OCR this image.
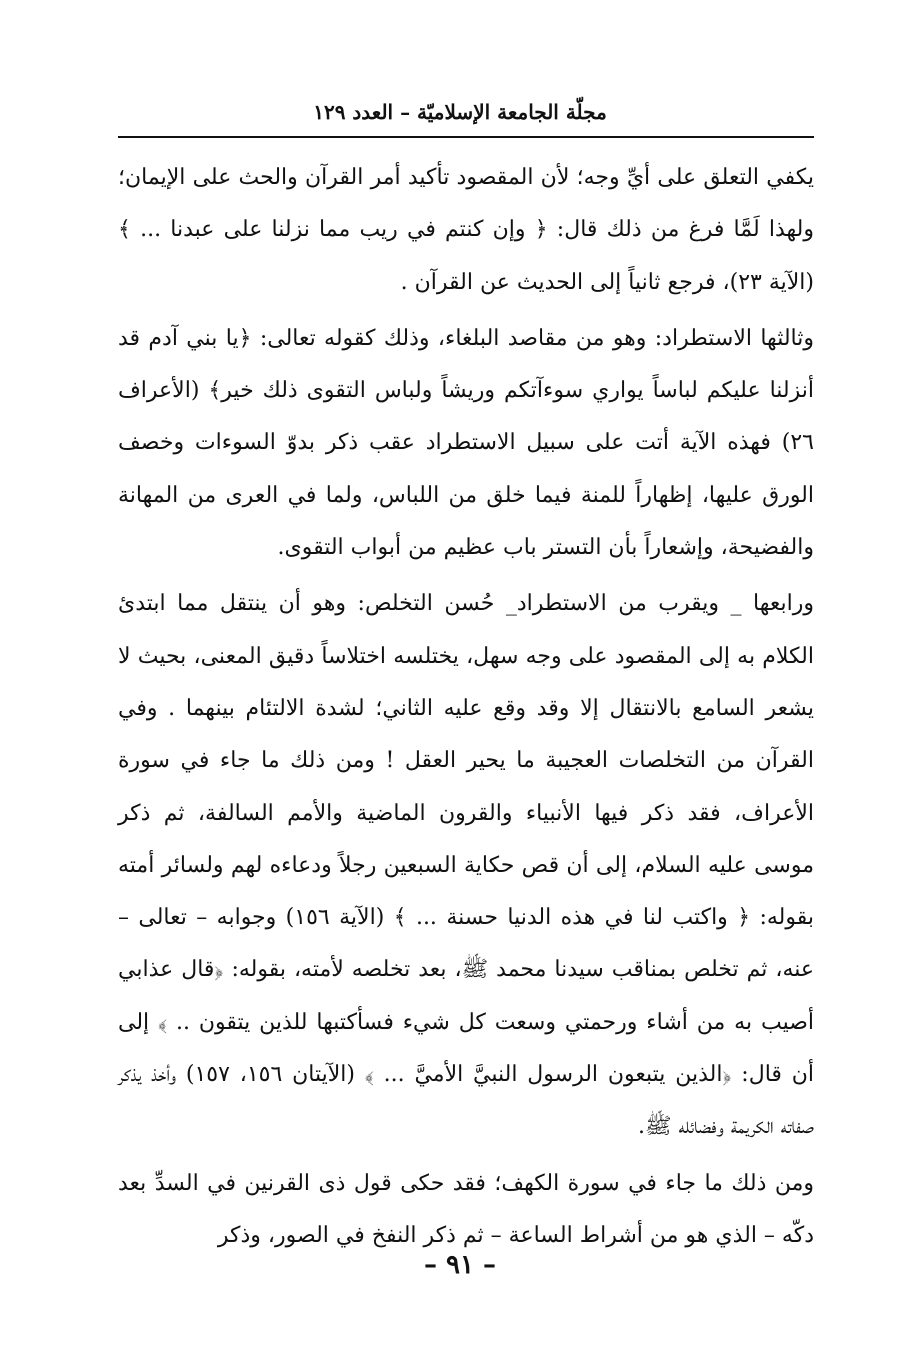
مجلّة الجامعة الإسلاميّة – العدد ١٢٩

يكفي التعلق على أيِّ وجه؛ لأن المقصود تأكيد أمر القرآن والحث على الإيمان؛ ولهذا لَمَّا فرغ من ذلك قال: ﴿ وإن كنتم في ريب مما نزلنا على عبدنا ... ﴾ (الآية ٢٣)، فرجع ثانياً إلى الحديث عن القرآن .

وثالثها الاستطراد: وهو من مقاصد البلغاء، وذلك كقوله تعالى: ﴿يا بني آدم قد أنزلنا عليكم لباساً يواري سوءآتكم وريشاً ولباس التقوى ذلك خير﴾ (الأعراف ٢٦) فهذه الآية أتت على سبيل الاستطراد عقب ذكر بدوّ السوءات وخصف الورق عليها، إظهاراً للمنة فيما خلق من اللباس، ولما في العرى من المهانة والفضيحة، وإشعاراً بأن التستر باب عظيم من أبواب التقوى.

ورابعها _ ويقرب من الاستطراد_ حُسن التخلص: وهو أن ينتقل مما ابتدئ الكلام به إلى المقصود على وجه سهل، يختلسه اختلاساً دقيق المعنى، بحيث لا يشعر السامع بالانتقال إلا وقد وقع عليه الثاني؛ لشدة الالتئام بينهما . وفي القرآن من التخلصات العجيبة ما يحير العقل ! ومن ذلك ما جاء في سورة الأعراف، فقد ذكر فيها الأنبياء والقرون الماضية والأمم السالفة، ثم ذكر موسى عليه السلام، إلى أن قص حكاية السبعين رجلاً ودعاءه لهم ولسائر أمته بقوله: ﴿ واكتب لنا في هذه الدنيا حسنة ... ﴾ (الآية ١٥٦) وجوابه – تعالى – عنه، ثم تخلص بمناقب سيدنا محمد ﷺ، بعد تخلصه لأمته، بقوله: ﴿قال عذابي أصيب به من أشاء ورحمتي وسعت كل شيء فسأكتبها للذين يتقون .. ﴾ إلى أن قال: ﴿الذين يتبعون الرسول النبيَّ الأميَّ ... ﴾ (الآيتان ١٥٦، ١٥٧) وأخذ يذكر صفاته الكريمة وفضائله ﷺ.

ومن ذلك ما جاء في سورة الكهف؛ فقد حكى قول ذى القرنين في السدِّ بعد دكّه – الذي هو من أشراط الساعة – ثم ذكر النفخ في الصور، وذكر

– ٩١ –
